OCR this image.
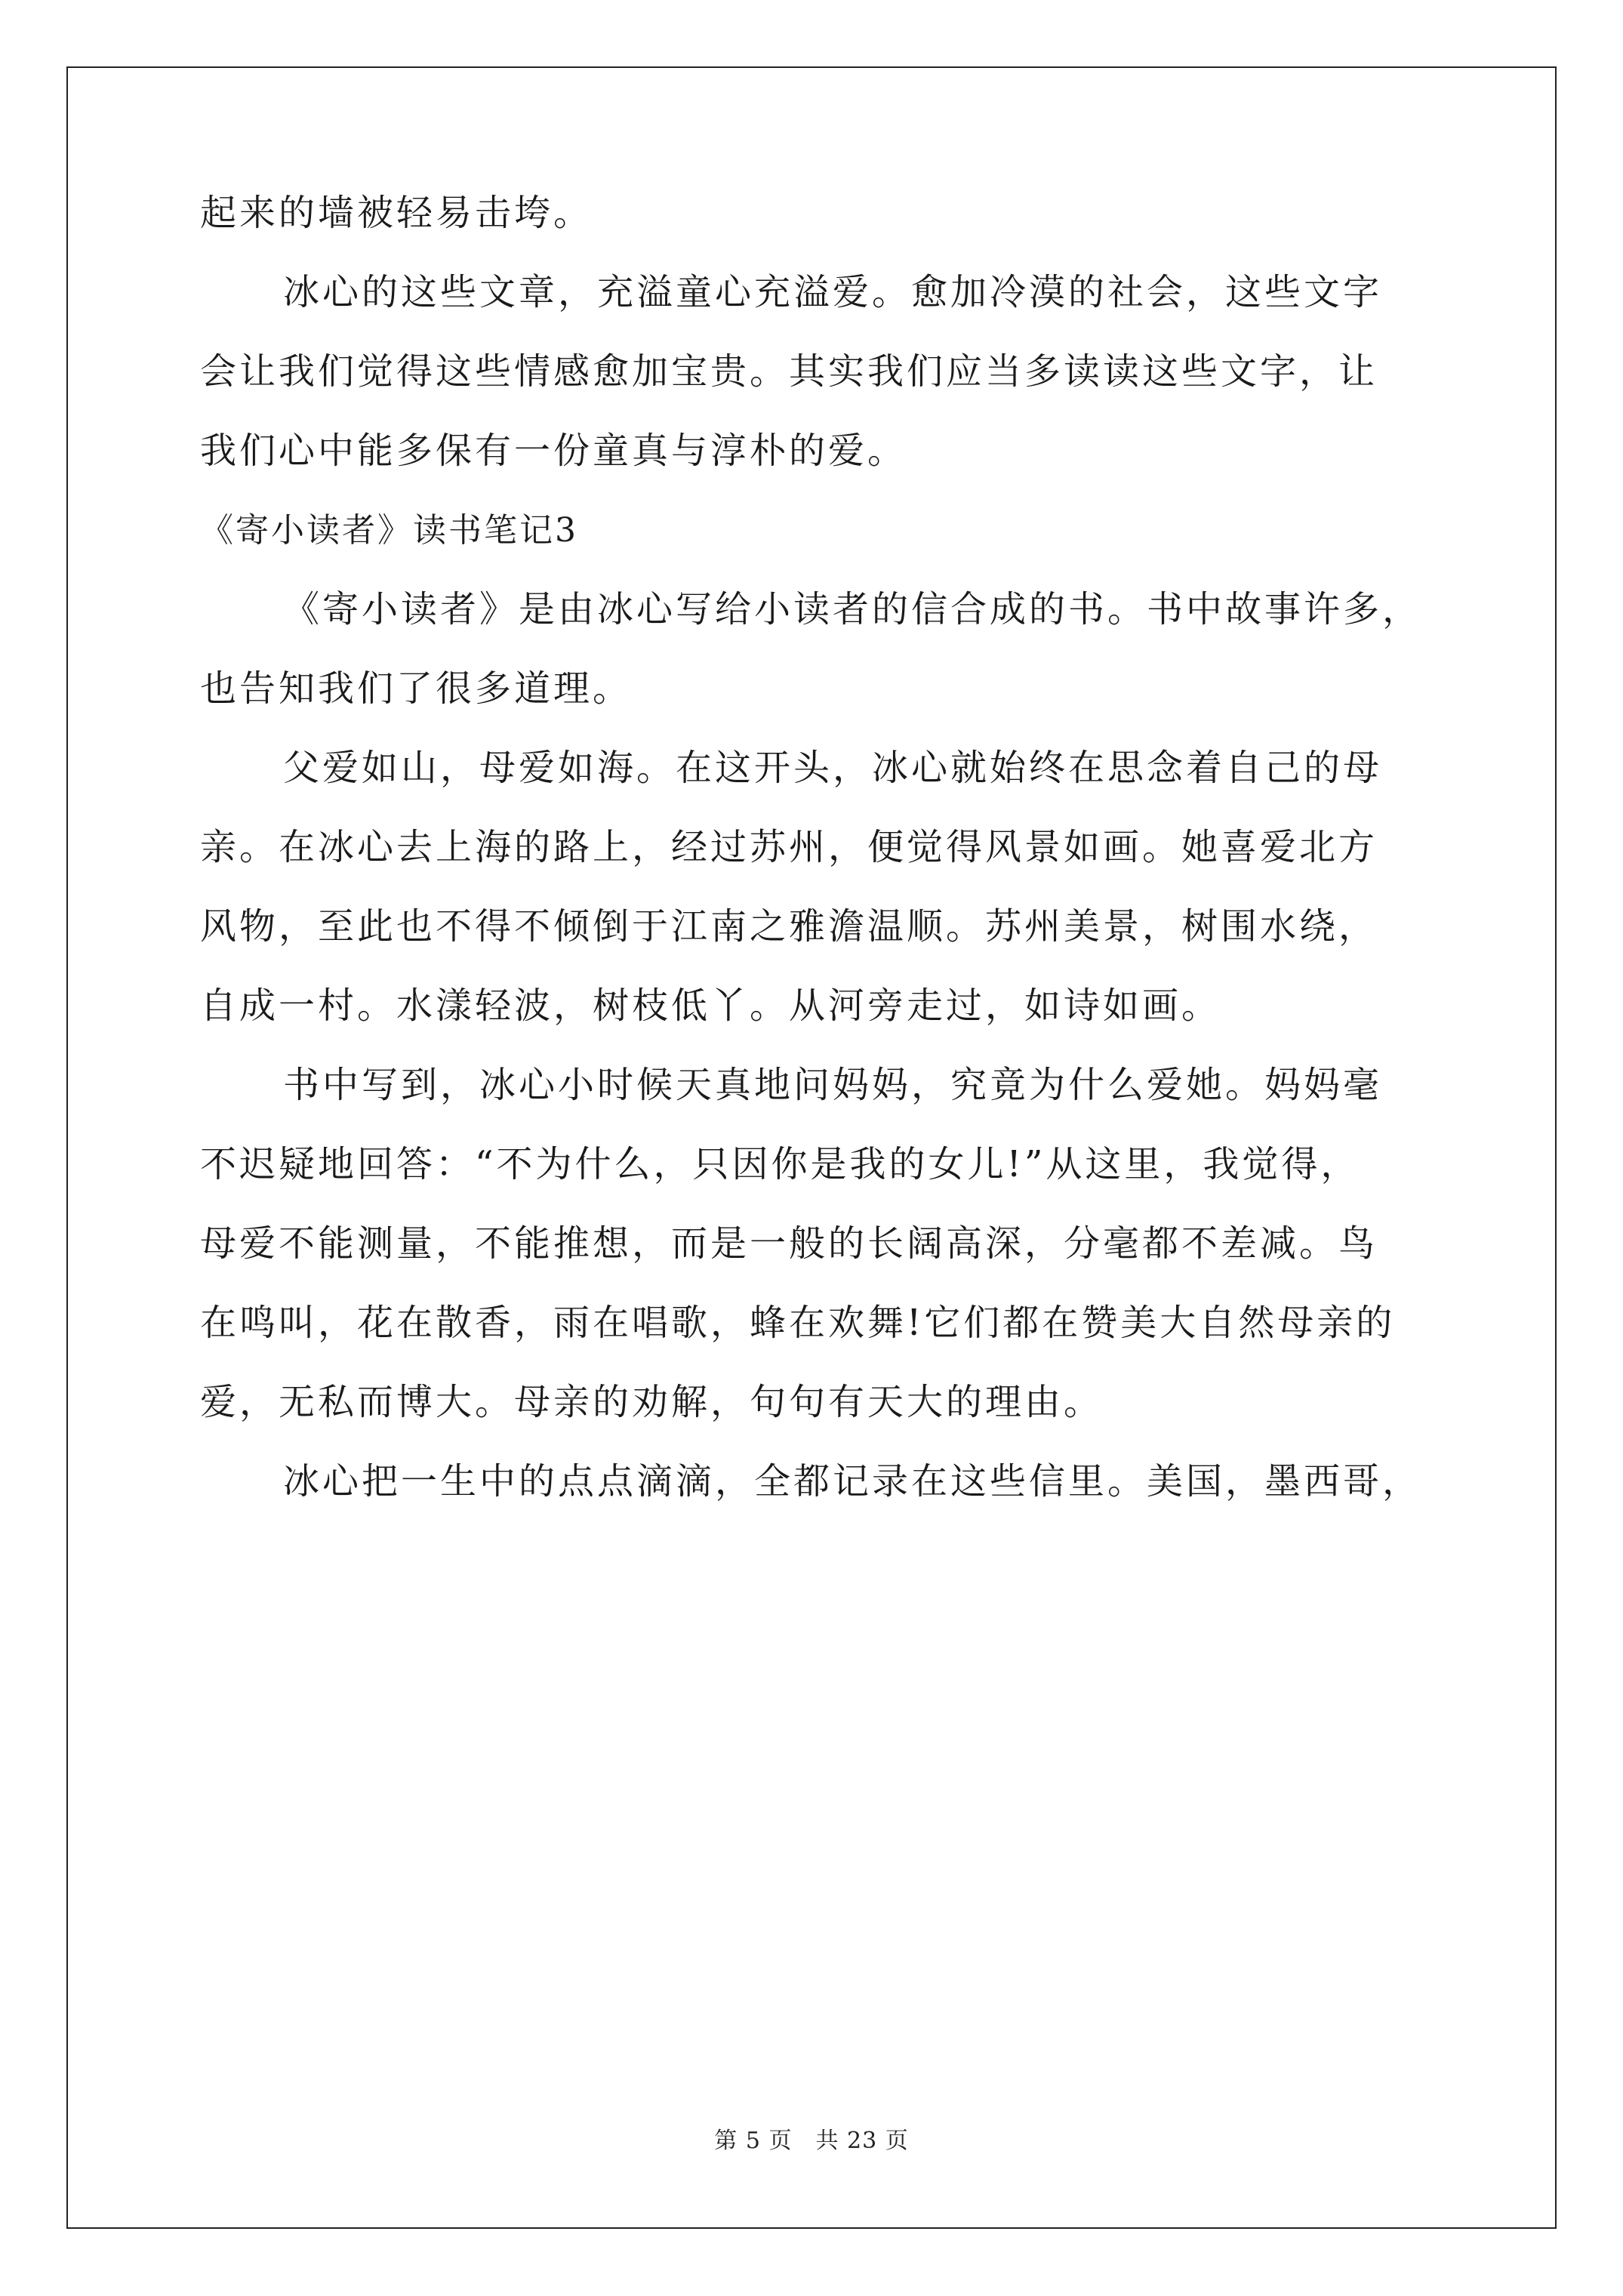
起来的墙被轻易击垮。
冰心的这些文章，充溢童心充溢爱。愈加冷漠的社会，这些文字
会让我们觉得这些情感愈加宝贵。其实我们应当多读读这些文字，让
我们心中能多保有一份童真与淳朴的爱。
《寄小读者》读书笔记3
《寄小读者》是由冰心写给小读者的信合成的书。书中故事许多，
也告知我们了很多道理。
父爱如山，母爱如海。在这开头，冰心就始终在思念着自己的母
亲。在冰心去上海的路上，经过苏州，便觉得风景如画。她喜爱北方
风物，至此也不得不倾倒于江南之雅澹温顺。苏州美景，树围水绕，
自成一村。水漾轻波，树枝低丫。从河旁走过，如诗如画。
书中写到，冰心小时候天真地问妈妈，究竟为什么爱她。妈妈毫
不迟疑地回答：“不为什么，只因你是我的女儿!”从这里，我觉得，
母爱不能测量，不能推想，而是一般的长阔高深，分毫都不差减。鸟
在鸣叫，花在散香，雨在唱歌，蜂在欢舞!它们都在赞美大自然母亲的
爱，无私而博大。母亲的劝解，句句有天大的理由。
冰心把一生中的点点滴滴，全都记录在这些信里。美国，墨西哥，
第 5 页　共 23 页
